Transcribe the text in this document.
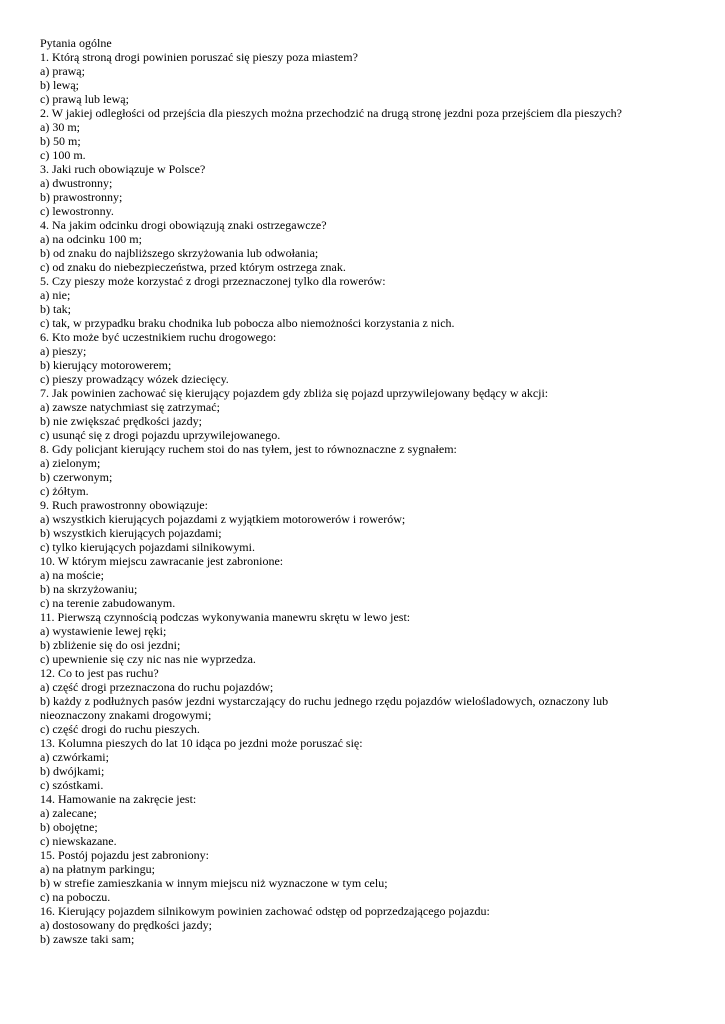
Pytania ogólne
1. Którą stroną drogi powinien poruszać się pieszy poza miastem?
a) prawą;
b) lewą;
c) prawą lub lewą;
2. W jakiej odległości od przejścia dla pieszych można przechodzić na drugą stronę jezdni poza przejściem dla pieszych?
a) 30 m;
b) 50 m;
c) 100 m.
3. Jaki ruch obowiązuje w Polsce?
a) dwustronny;
b) prawostronny;
c) lewostronny.
4. Na jakim odcinku drogi obowiązują znaki ostrzegawcze?
a) na odcinku 100 m;
b) od znaku do najbliższego skrzyżowania lub odwołania;
c) od znaku do niebezpieczeństwa, przed którym ostrzega znak.
5. Czy pieszy może korzystać z drogi przeznaczonej tylko dla rowerów:
a) nie;
b) tak;
c) tak, w przypadku braku chodnika lub pobocza albo niemożności korzystania z nich.
6. Kto może być uczestnikiem ruchu drogowego:
a) pieszy;
b) kierujący motorowerem;
c) pieszy prowadzący wózek dziecięcy.
7. Jak powinien zachować się kierujący pojazdem gdy zbliża się pojazd uprzywilejowany będący w akcji:
a) zawsze natychmiast się zatrzymać;
b) nie zwiększać prędkości jazdy;
c) usunąć się z drogi pojazdu uprzywilejowanego.
8. Gdy policjant kierujący ruchem stoi do nas tyłem, jest to równoznaczne z sygnałem:
a) zielonym;
b) czerwonym;
c) żółtym.
9. Ruch prawostronny obowiązuje:
a) wszystkich kierujących pojazdami z wyjątkiem motorowerów i rowerów;
b) wszystkich kierujących pojazdami;
c) tylko kierujących pojazdami silnikowymi.
10. W którym miejscu zawracanie jest zabronione:
a) na moście;
b) na skrzyżowaniu;
c) na terenie zabudowanym.
11. Pierwszą czynnością podczas wykonywania manewru skrętu w lewo jest:
a) wystawienie lewej ręki;
b) zbliżenie się do osi jezdni;
c) upewnienie się czy nic nas nie wyprzedza.
12. Co to jest pas ruchu?
a) część drogi przeznaczona do ruchu pojazdów;
b) każdy z podłużnych pasów jezdni wystarczający do ruchu jednego rzędu pojazdów wielośladowych, oznaczony lub nieoznaczony znakami drogowymi;
c) część drogi do ruchu pieszych.
13. Kolumna pieszych do lat 10 idąca po jezdni może poruszać się:
a) czwórkami;
b) dwójkami;
c) szóstkami.
14. Hamowanie na zakręcie jest:
a) zalecane;
b) obojętne;
c) niewskazane.
15. Postój pojazdu jest zabroniony:
a) na płatnym parkingu;
b) w strefie zamieszkania w innym miejscu niż wyznaczone w tym celu;
c) na poboczu.
16. Kierujący pojazdem silnikowym powinien zachować odstęp od poprzedzającego pojazdu:
a) dostosowany do prędkości jazdy;
b) zawsze taki sam;
